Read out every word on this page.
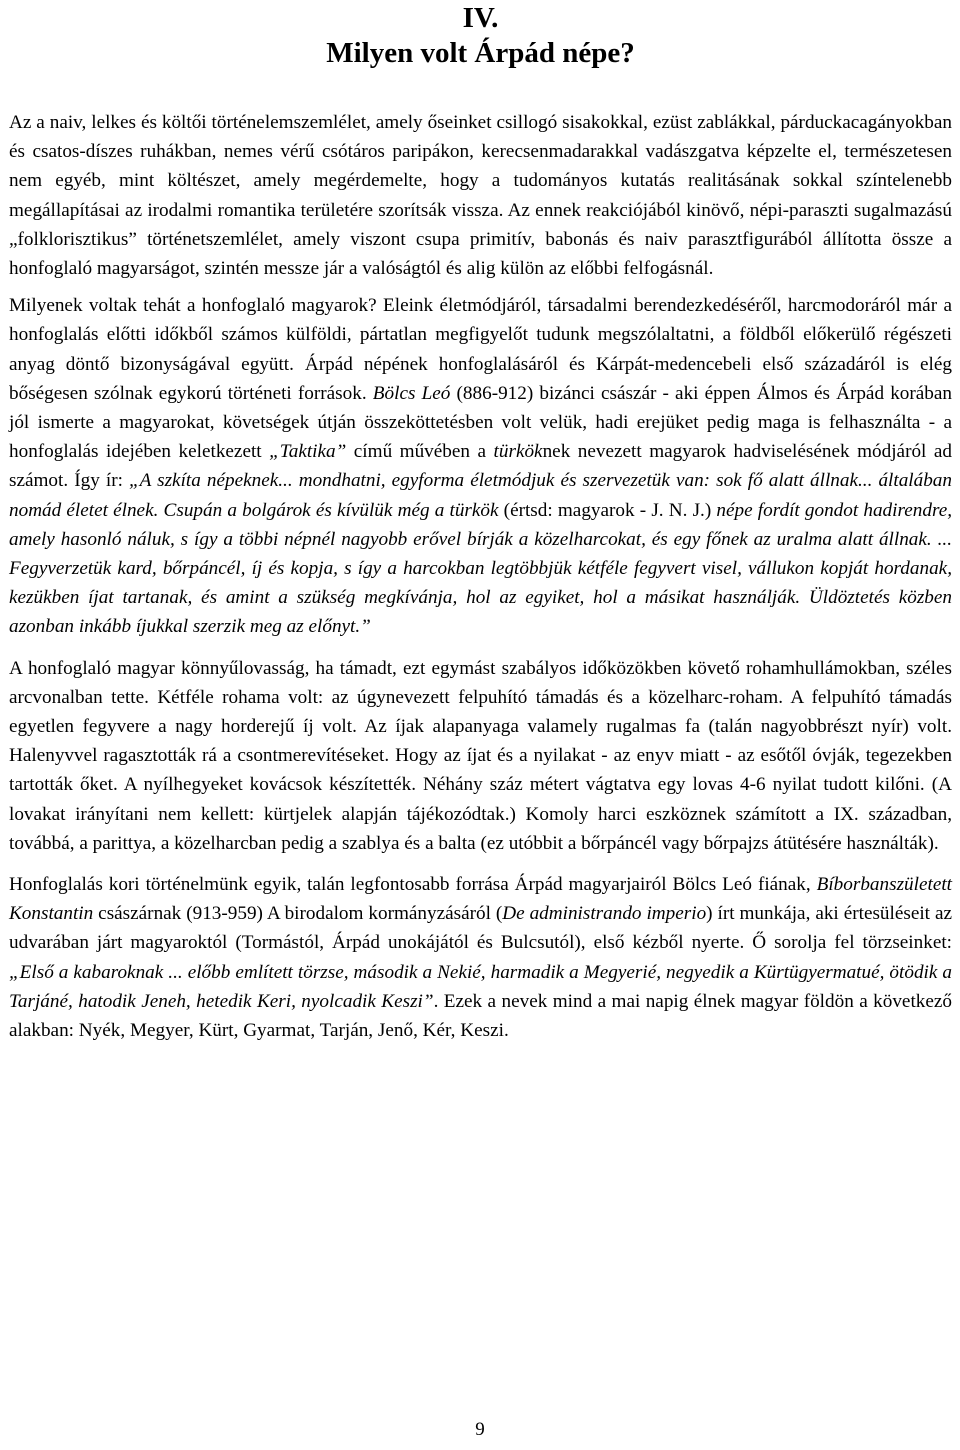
IV.
Milyen volt Árpád népe?

Az a naiv, lelkes és költői történelemszemlélet, amely őseinket csillogó sisakokkal, ezüst zablákkal, párduckacagányokban és csatos-díszes ruhákban, nemes vérű csótáros paripákon, kerecsenmadarakkal vadászgatva képzelte el, természetesen nem egyéb, mint költészet, amely megérdemelte, hogy a tudományos kutatás realitásának sokkal színtelenebb megállapításai az irodalmi romantika területére szorítsák vissza. Az ennek reakciójából kinövő, népi-paraszti sugalmazású „folklorisztikus” történetszemlélet, amely viszont csupa primitív, babonás és naiv parasztfigurából állította össze a honfoglaló magyarságot, szintén messze jár a valóságtól és alig külön az előbbi felfogásnál.

Milyenek voltak tehát a honfoglaló magyarok? Eleink életmódjáról, társadalmi berendezkedéséről, harcmodoráról már a honfoglalás előtti időkből számos külföldi, pártatlan megfigyelőt tudunk megszólaltatni, a földből előkerülő régészeti anyag döntő bizonyságával együtt. Árpád népének honfoglalásáról és Kárpát-medencebeli első századáról is elég bőségesen szólnak egykorú történeti források. Bölcs Leó (886-912) bizánci császár - aki éppen Álmos és Árpád korában jól ismerte a magyarokat, követségek útján összeköttetésben volt velük, hadi erejüket pedig maga is felhasználta - a honfoglalás idejében keletkezett „Taktika” című művében a türköknek nevezett magyarok hadviselésének módjáról ad számot. Így ír: „A szkíta népeknek... mondhatni, egyforma életmódjuk és szervezetük van: sok fő alatt állnak... általában nomád életet élnek. Csupán a bolgárok és kívülük még a türkök (értsd: magyarok - J. N. J.) népe fordít gondot hadirendre, amely hasonló náluk, s így a többi népnél nagyobb erővel bírják a közelharcokat, és egy főnek az uralma alatt állnak. ... Fegyverzetük kard, bőrpáncél, íj és kopja, s így a harcokban legtöbbjük kétféle fegyvert visel, vállukon kopját hordanak, kezükben íjat tartanak, és amint a szükség megkívánja, hol az egyiket, hol a másikat használják. Üldöztetés közben azonban inkább íjukkal szerzik meg az előnyt.”

A honfoglaló magyar könnyűlovasság, ha támadt, ezt egymást szabályos időközökben követő rohamhullámokban, széles arcvonalban tette. Kétféle rohama volt: az úgynevezett felpuhító támadás és a közelharc-roham. A felpuhító támadás egyetlen fegyvere a nagy horderejű íj volt. Az íjak alapanyaga valamely rugalmas fa (talán nagyobbrészt nyír) volt. Halenyvvel ragasztották rá a csontmerevítéseket. Hogy az íjat és a nyilakat - az enyv miatt - az esőtől óvják, tegezekben tartották őket. A nyílhegyeket kovácsok készítették. Néhány száz métert vágtatva egy lovas 4-6 nyilat tudott kilőni. (A lovakat irányítani nem kellett: kürtjelek alapján tájékozódtak.) Komoly harci eszköznek számított a IX. században, továbbá, a parittya, a közelharcban pedig a szablya és a balta (ez utóbbit a bőrpáncél vagy bőrpajzs átütésére használták).

Honfoglalás kori történelmünk egyik, talán legfontosabb forrása Árpád magyarjairól Bölcs Leó fiának, Bíborbanszületett Konstantin császárnak (913-959) A birodalom kormányzásáról (De administrando imperio) írt munkája, aki értesüléseit az udvarában járt magyaroktól (Tormástól, Árpád unokájától és Bulcsutól), első kézből nyerte. Ő sorolja fel törzseinket: „Első a kabaroknak ... előbb említett törzse, második a Nekié, harmadik a Megyerié, negyedik a Kürtügyermatué, ötödik a Tarjáné, hatodik Jeneh, hetedik Keri, nyolcadik Keszi”. Ezek a nevek mind a mai napig élnek magyar földön a következő alakban: Nyék, Megyer, Kürt, Gyarmat, Tarján, Jenő, Kér, Keszi.

9
